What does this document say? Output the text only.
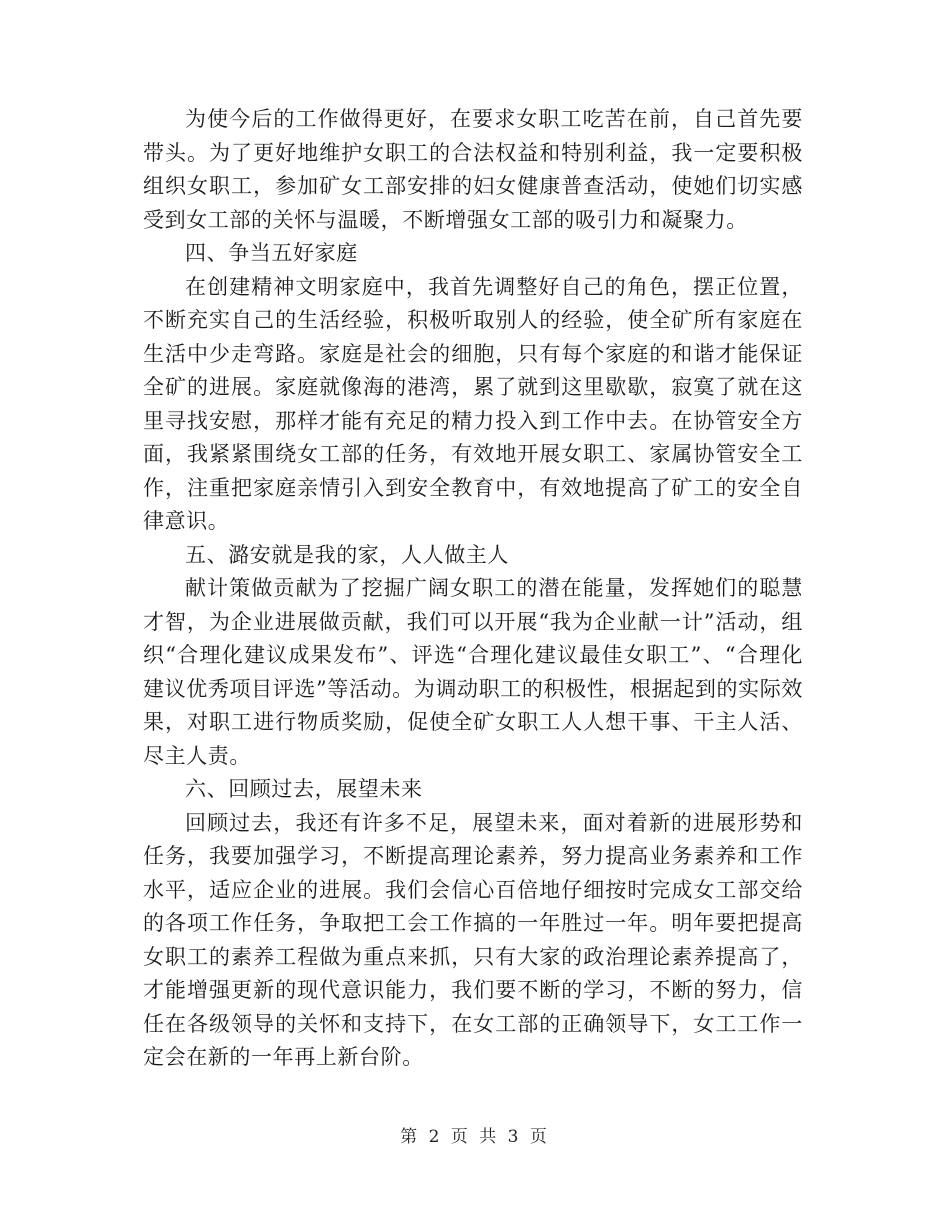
为使今后的工作做得更好，在要求女职工吃苦在前，自己首先要带头。为了更好地维护女职工的合法权益和特别利益，我一定要积极组织女职工，参加矿女工部安排的妇女健康普查活动，使她们切实感受到女工部的关怀与温暖，不断增强女工部的吸引力和凝聚力。

四、争当五好家庭

在创建精神文明家庭中，我首先调整好自己的角色，摆正位置，不断充实自己的生活经验，积极听取别人的经验，使全矿所有家庭在生活中少走弯路。家庭是社会的细胞，只有每个家庭的和谐才能保证全矿的进展。家庭就像海的港湾，累了就到这里歇歇，寂寞了就在这里寻找安慰，那样才能有充足的精力投入到工作中去。在协管安全方面，我紧紧围绕女工部的任务，有效地开展女职工、家属协管安全工作，注重把家庭亲情引入到安全教育中，有效地提高了矿工的安全自律意识。

五、潞安就是我的家，人人做主人

献计策做贡献为了挖掘广阔女职工的潜在能量，发挥她们的聪慧才智，为企业进展做贡献，我们可以开展“我为企业献一计”活动，组织“合理化建议成果发布”、评选“合理化建议最佳女职工”、“合理化建议优秀项目评选”等活动。为调动职工的积极性，根据起到的实际效果，对职工进行物质奖励，促使全矿女职工人人想干事、干主人活、尽主人责。

六、回顾过去，展望未来

回顾过去，我还有许多不足，展望未来，面对着新的进展形势和任务，我要加强学习，不断提高理论素养，努力提高业务素养和工作水平，适应企业的进展。我们会信心百倍地仔细按时完成女工部交给的各项工作任务，争取把工会工作搞的一年胜过一年。明年要把提高女职工的素养工程做为重点来抓，只有大家的政治理论素养提高了，才能增强更新的现代意识能力，我们要不断的学习，不断的努力，信任在各级领导的关怀和支持下，在女工部的正确领导下，女工工作一定会在新的一年再上新台阶。

第 2 页 共 3 页
